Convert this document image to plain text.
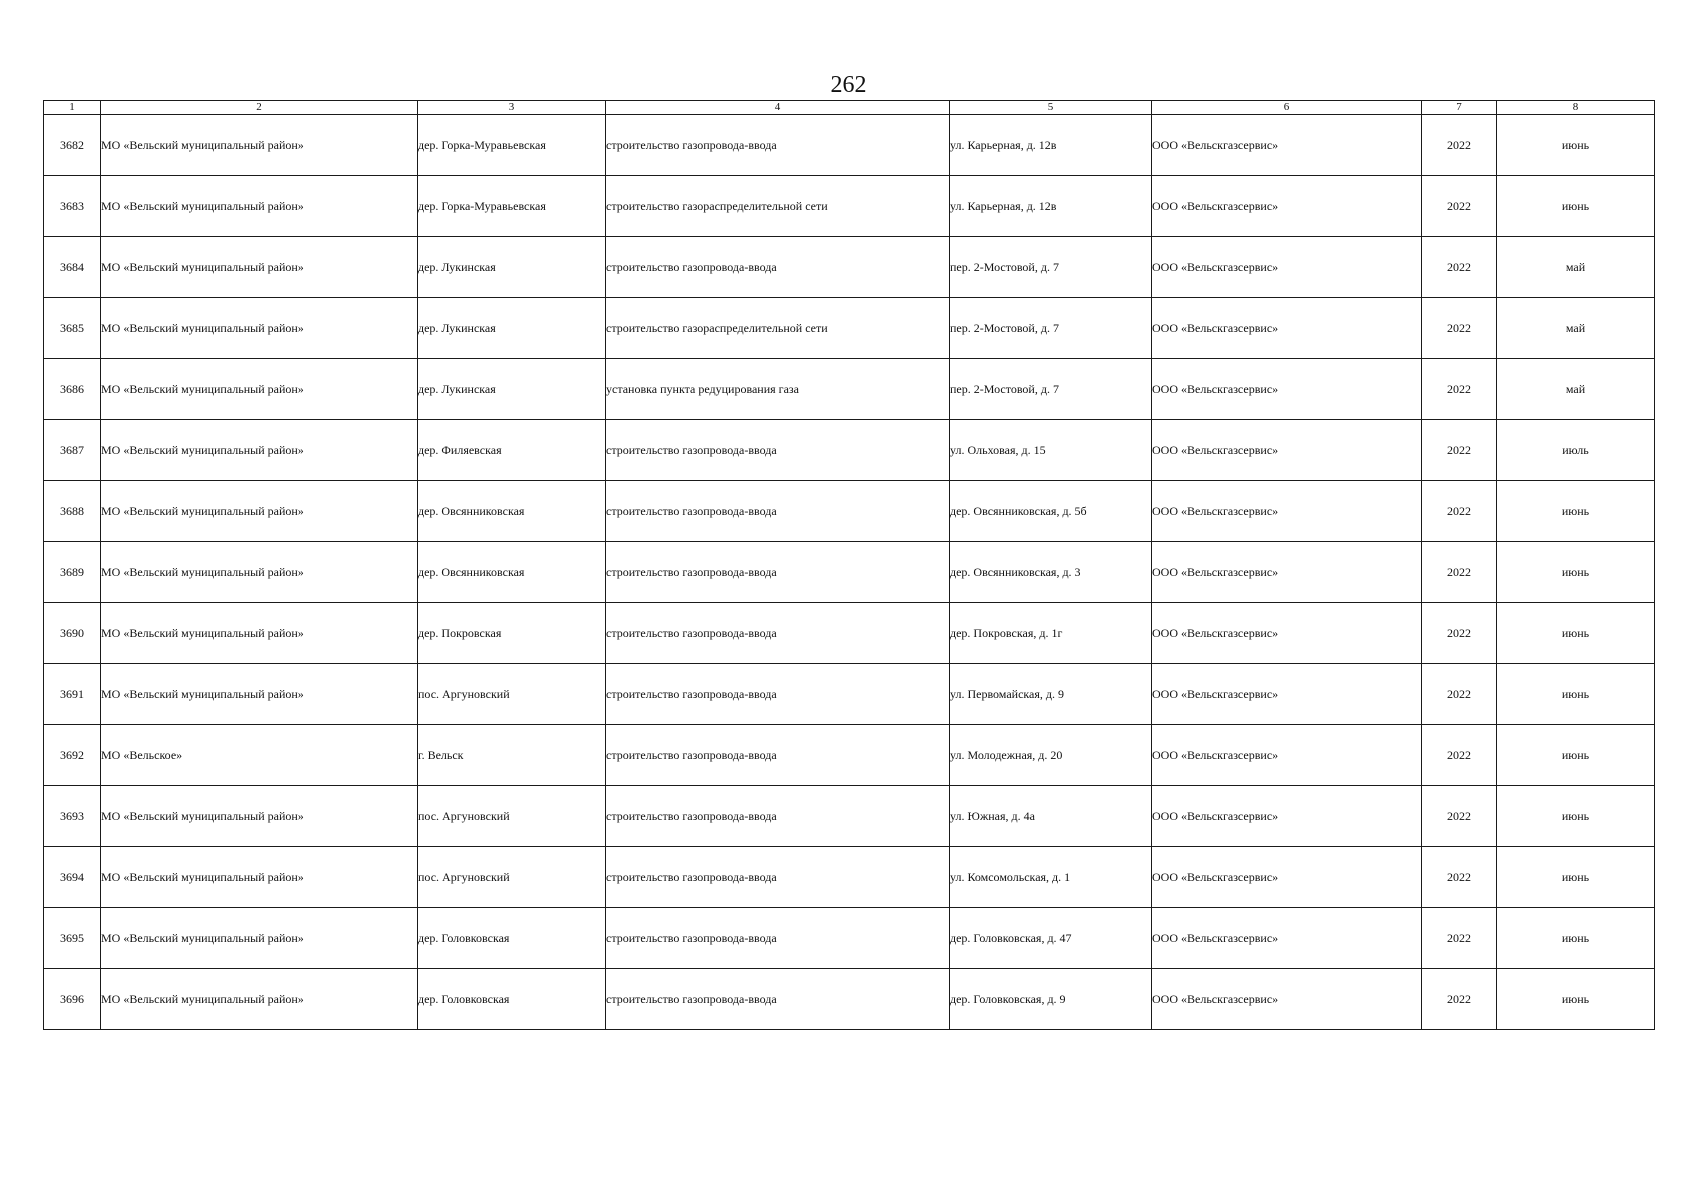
262
1	2	3	4	5	6	7	8
3682	МО «Вельский муниципальный район»	дер. Горка-Муравьевская	строительство газопровода-ввода	ул. Карьерная, д. 12в	ООО «Вельскгазсервис»	2022	июнь
3683	МО «Вельский муниципальный район»	дер. Горка-Муравьевская	строительство газораспределительной сети	ул. Карьерная, д. 12в	ООО «Вельскгазсервис»	2022	июнь
3684	МО «Вельский муниципальный район»	дер. Лукинская	строительство газопровода-ввода	пер. 2-Мостовой, д. 7	ООО «Вельскгазсервис»	2022	май
3685	МО «Вельский муниципальный район»	дер. Лукинская	строительство газораспределительной сети	пер. 2-Мостовой, д. 7	ООО «Вельскгазсервис»	2022	май
3686	МО «Вельский муниципальный район»	дер. Лукинская	установка пункта редуцирования газа	пер. 2-Мостовой, д. 7	ООО «Вельскгазсервис»	2022	май
3687	МО «Вельский муниципальный район»	дер. Филяевская	строительство газопровода-ввода	ул. Ольховая, д. 15	ООО «Вельскгазсервис»	2022	июль
3688	МО «Вельский муниципальный район»	дер. Овсянниковская	строительство газопровода-ввода	дер. Овсянниковская, д. 5б	ООО «Вельскгазсервис»	2022	июнь
3689	МО «Вельский муниципальный район»	дер. Овсянниковская	строительство газопровода-ввода	дер. Овсянниковская, д. 3	ООО «Вельскгазсервис»	2022	июнь
3690	МО «Вельский муниципальный район»	дер. Покровская	строительство газопровода-ввода	дер. Покровская, д. 1г	ООО «Вельскгазсервис»	2022	июнь
3691	МО «Вельский муниципальный район»	пос. Аргуновский	строительство газопровода-ввода	ул. Первомайская, д. 9	ООО «Вельскгазсервис»	2022	июнь
3692	МО «Вельское»	г. Вельск	строительство газопровода-ввода	ул. Молодежная, д. 20	ООО «Вельскгазсервис»	2022	июнь
3693	МО «Вельский муниципальный район»	пос. Аргуновский	строительство газопровода-ввода	ул. Южная, д. 4а	ООО «Вельскгазсервис»	2022	июнь
3694	МО «Вельский муниципальный район»	пос. Аргуновский	строительство газопровода-ввода	ул. Комсомольская, д. 1	ООО «Вельскгазсервис»	2022	июнь
3695	МО «Вельский муниципальный район»	дер. Головковская	строительство газопровода-ввода	дер. Головковская, д. 47	ООО «Вельскгазсервис»	2022	июнь
3696	МО «Вельский муниципальный район»	дер. Головковская	строительство газопровода-ввода	дер. Головковская, д. 9	ООО «Вельскгазсервис»	2022	июнь
